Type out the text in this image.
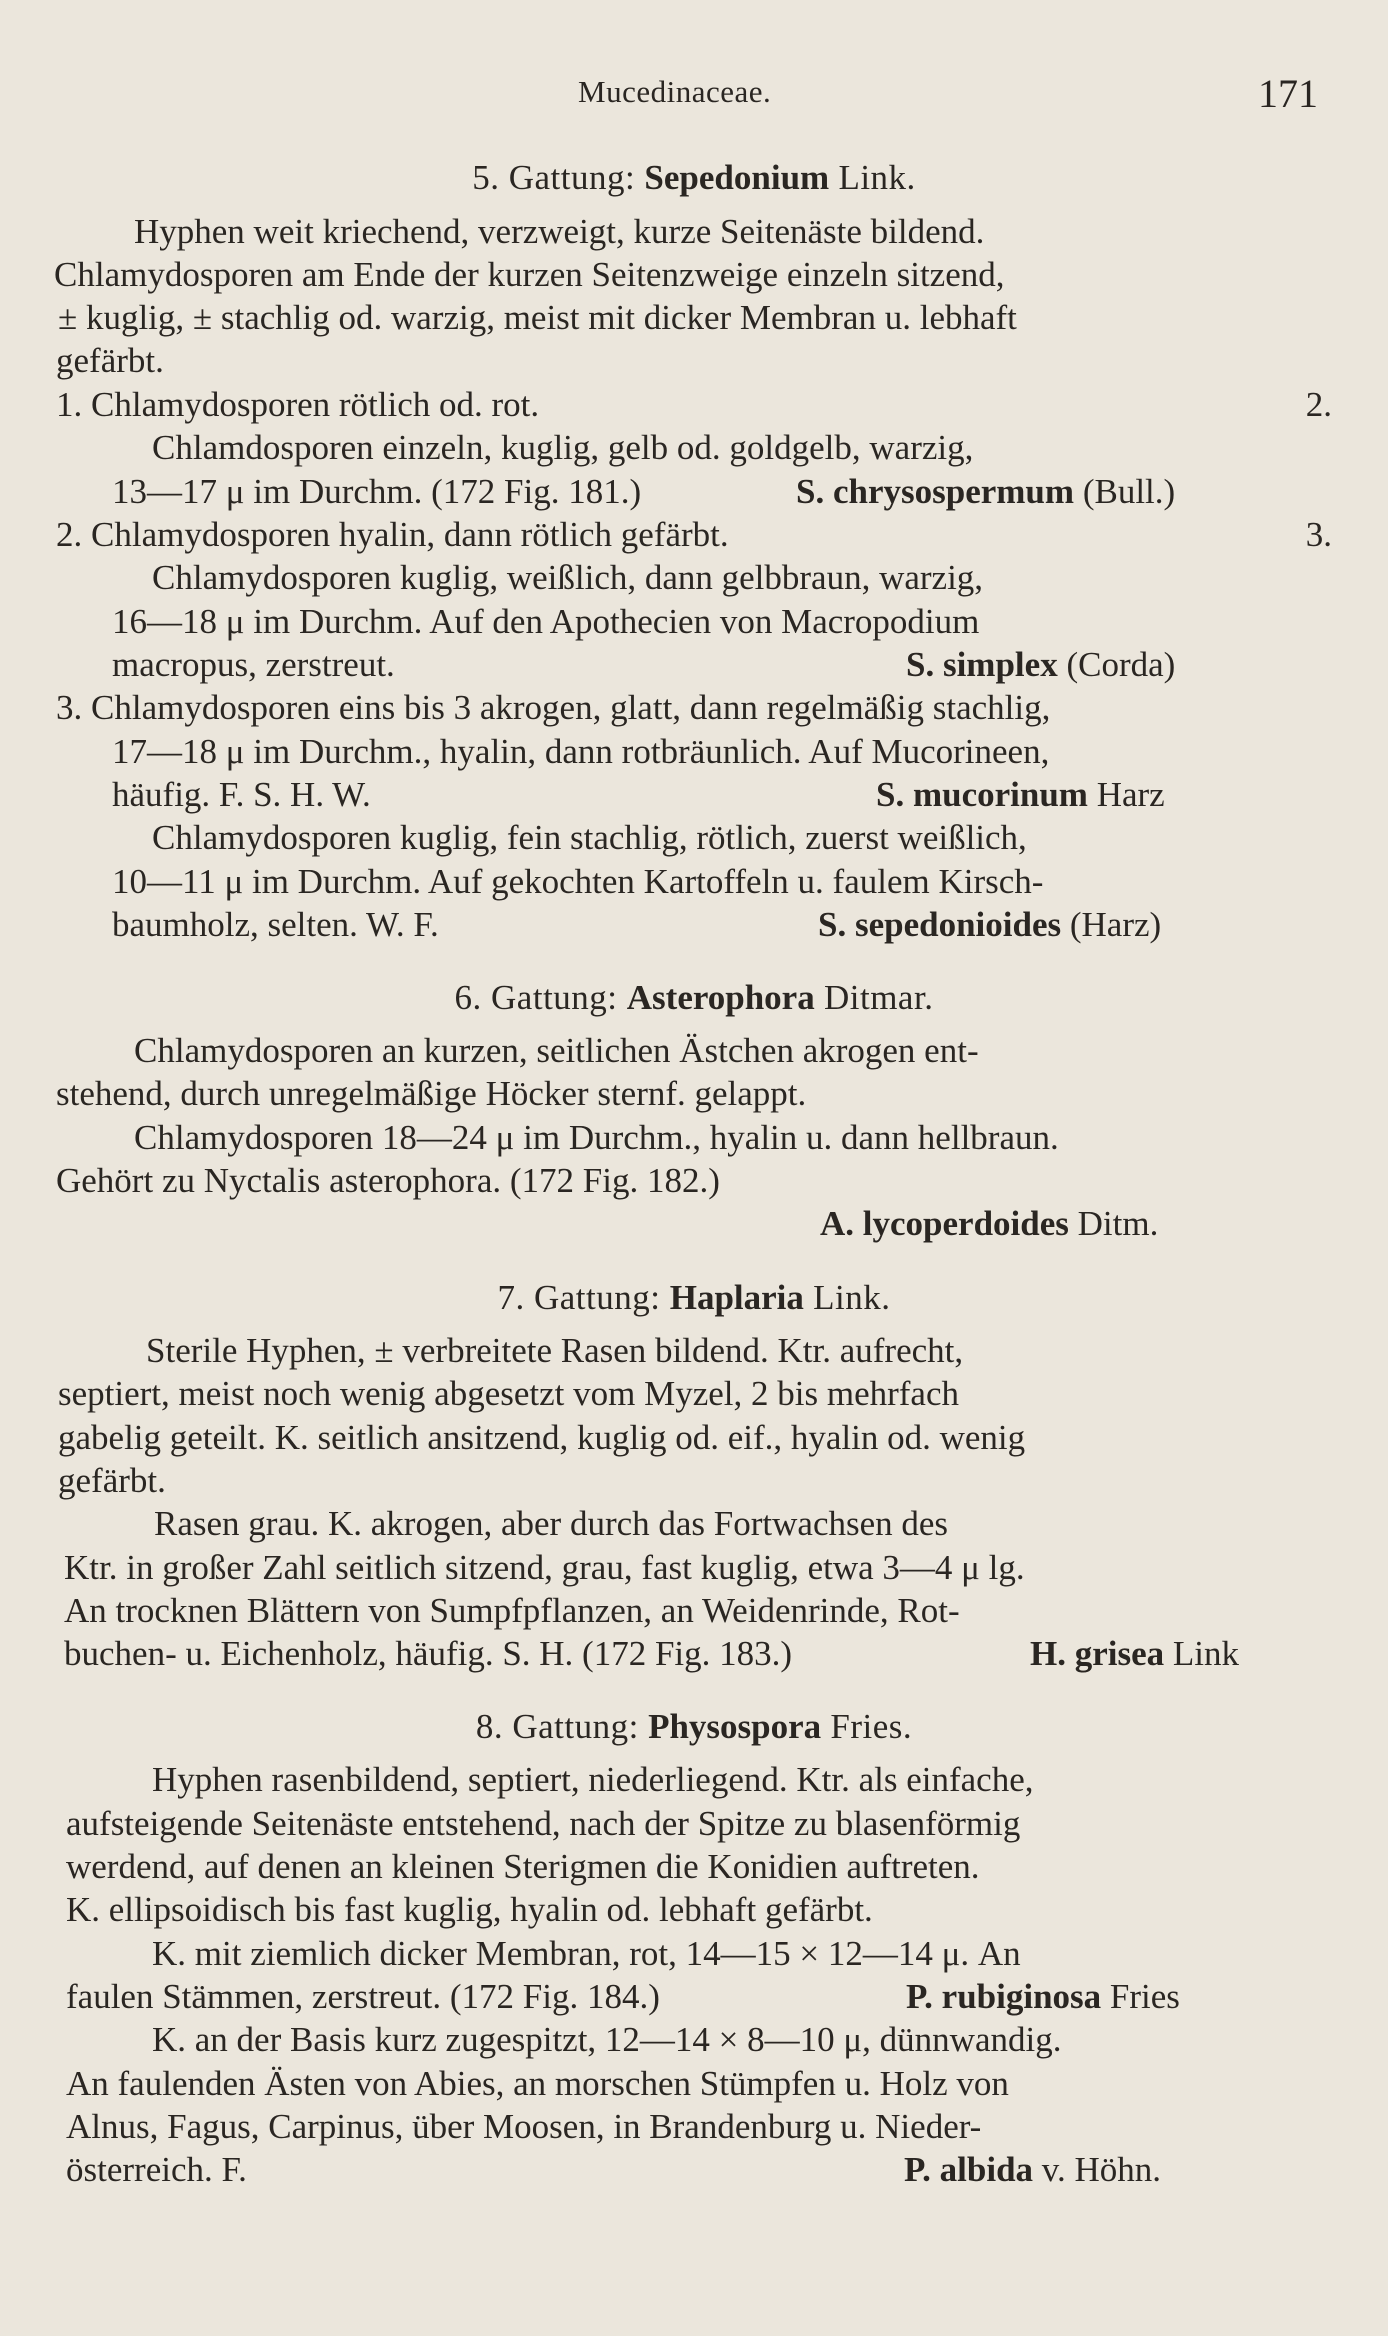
Mucedinaceae.	171
5. Gattung: Sepedonium Link.
Hyphen weit kriechend, verzweigt, kurze Seitenäste bildend.
Chlamydosporen am Ende der kurzen Seitenzweige einzeln sitzend,
± kuglig, ± stachlig od. warzig, meist mit dicker Membran u. lebhaft
gefärbt.
1. Chlamydosporen rötlich od. rot.	2.
Chlamdosporen einzeln, kuglig, gelb od. goldgelb, warzig,
13—17 μ im Durchm. (172 Fig. 181.)	S. chrysospermum (Bull.)
2. Chlamydosporen hyalin, dann rötlich gefärbt.	3.
Chlamydosporen kuglig, weißlich, dann gelbbraun, warzig,
16—18 μ im Durchm. Auf den Apothecien von Macropodium
macropus, zerstreut.	S. simplex (Corda)
3. Chlamydosporen eins bis 3 akrogen, glatt, dann regelmäßig stachlig,
17—18 μ im Durchm., hyalin, dann rotbräunlich. Auf Mucorineen,
häufig. F. S. H. W.	S. mucorinum Harz
Chlamydosporen kuglig, fein stachlig, rötlich, zuerst weißlich,
10—11 μ im Durchm. Auf gekochten Kartoffeln u. faulem Kirsch-
baumholz, selten. W. F.	S. sepedonioides (Harz)
6. Gattung: Asterophora Ditmar.
Chlamydosporen an kurzen, seitlichen Ästchen akrogen ent-
stehend, durch unregelmäßige Höcker sternf. gelappt.
Chlamydosporen 18—24 μ im Durchm., hyalin u. dann hellbraun.
Gehört zu Nyctalis asterophora. (172 Fig. 182.)
A. lycoperdoides Ditm.
7. Gattung: Haplaria Link.
Sterile Hyphen, ± verbreitete Rasen bildend. Ktr. aufrecht,
septiert, meist noch wenig abgesetzt vom Myzel, 2 bis mehrfach
gabelig geteilt. K. seitlich ansitzend, kuglig od. eif., hyalin od. wenig
gefärbt.
Rasen grau. K. akrogen, aber durch das Fortwachsen des
Ktr. in großer Zahl seitlich sitzend, grau, fast kuglig, etwa 3—4 μ lg.
An trocknen Blättern von Sumpfpflanzen, an Weidenrinde, Rot-
buchen- u. Eichenholz, häufig. S. H. (172 Fig. 183.)	H. grisea Link
8. Gattung: Physospora Fries.
Hyphen rasenbildend, septiert, niederliegend. Ktr. als einfache,
aufsteigende Seitenäste entstehend, nach der Spitze zu blasenförmig
werdend, auf denen an kleinen Sterigmen die Konidien auftreten.
K. ellipsoidisch bis fast kuglig, hyalin od. lebhaft gefärbt.
K. mit ziemlich dicker Membran, rot, 14—15 × 12—14 μ. An
faulen Stämmen, zerstreut. (172 Fig. 184.)	P. rubiginosa Fries
K. an der Basis kurz zugespitzt, 12—14 × 8—10 μ, dünnwandig.
An faulenden Ästen von Abies, an morschen Stümpfen u. Holz von
Alnus, Fagus, Carpinus, über Moosen, in Brandenburg u. Nieder-
österreich. F.	P. albida v. Höhn.
